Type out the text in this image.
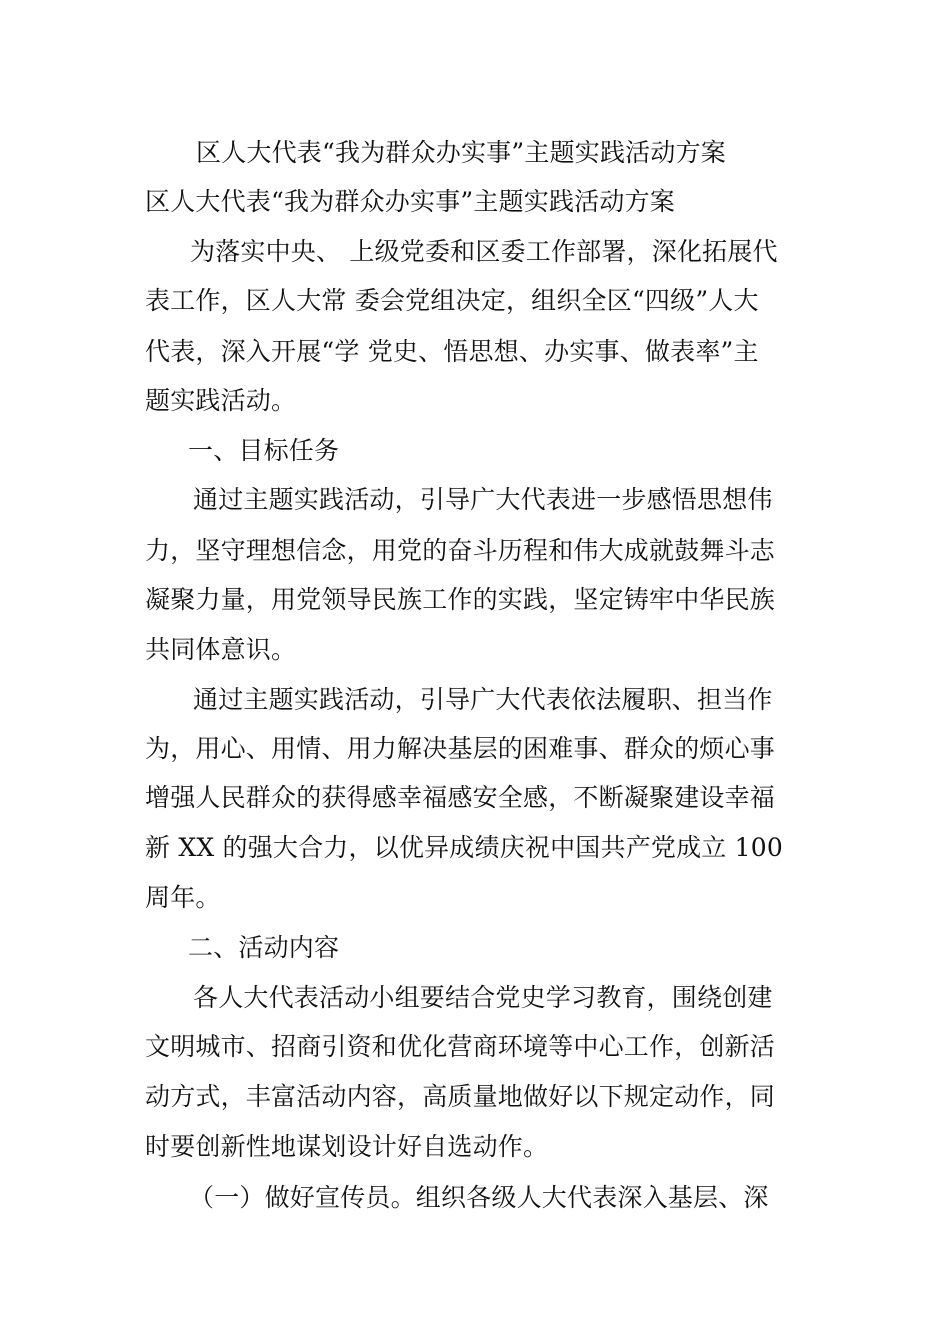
区人大代表“我为群众办实事”主题实践活动方案
区人大代表“我为群众办实事”主题实践活动方案
为落实中央、 上级党委和区委工作部署，深化拓展代
表工作，区人大常 委会党组决定，组织全区“四级”人大
代表，深入开展“学 党史、悟思想、办实事、做表率”主
题实践活动。
一、目标任务
通过主题实践活动，引导广大代表进一步感悟思想伟
力，坚守理想信念，用党的奋斗历程和伟大成就鼓舞斗志
凝聚力量，用党领导民族工作的实践，坚定铸牢中华民族
共同体意识。
通过主题实践活动，引导广大代表依法履职、担当作
为，用心、用情、用力解决基层的困难事、群众的烦心事
增强人民群众的获得感幸福感安全感，不断凝聚建设幸福
新 XX 的强大合力，以优异成绩庆祝中国共产党成立 100
周年。
二、活动内容
各人大代表活动小组要结合党史学习教育，围绕创建
文明城市、招商引资和优化营商环境等中心工作，创新活
动方式，丰富活动内容，高质量地做好以下规定动作，同
时要创新性地谋划设计好自选动作。
（一）做好宣传员。组织各级人大代表深入基层、深
